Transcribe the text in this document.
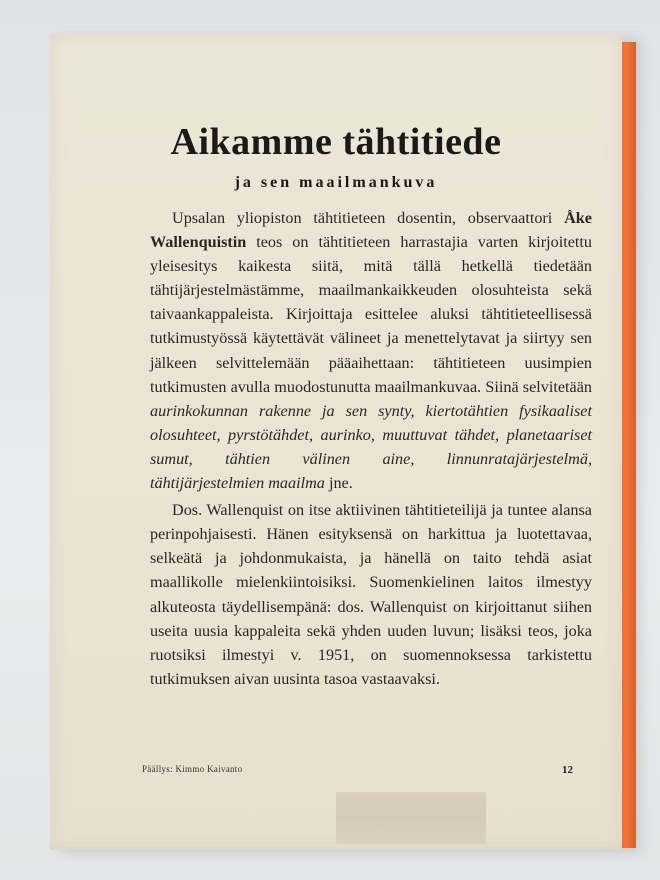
Aikamme tähtitiede
ja sen maailmankuva

Upsalan yliopiston tähtitieteen dosentin, observaattori Åke Wallenquistin teos on tähtitieteen harrastajia varten kirjoitettu yleisesitys kaikesta siitä, mitä tällä hetkellä tiedetään tähtijärjestelmästämme, maailmankaikkeuden olosuhteista sekä taivaankappaleista. Kirjoittaja esittelee aluksi tähtitieteellisessä tutkimustyössä käytettävät välineet ja menettelytavat ja siirtyy sen jälkeen selvittelemään pääaihettaan: tähtitieteen uusimpien tutkimusten avulla muodostunutta maailmankuvaa. Siinä selvitetään aurinkokunnan rakenne ja sen synty, kiertotähtien fysikaaliset olosuhteet, pyrstötähdet, aurinko, muuttuvat tähdet, planetaariset sumut, tähtien välinen aine, linnunratajärjestelmä, tähtijärjestelmien maailma jne.

Dos. Wallenquist on itse aktiivinen tähtitieteilijä ja tuntee alansa perinpohjaisesti. Hänen esityksensä on harkittua ja luotettavaa, selkeätä ja johdonmukaista, ja hänellä on taito tehdä asiat maallikolle mielenkiintoisiksi. Suomenkielinen laitos ilmestyy alkuteosta täydellisempänä: dos. Wallenquist on kirjoittanut siihen useita uusia kappaleita sekä yhden uuden luvun; lisäksi teos, joka ruotsiksi ilmestyi v. 1951, on suomennoksessa tarkistettu tutkimuksen aivan uusinta tasoa vastaavaksi.

Päällys: Kimmo Kaivanto	12
